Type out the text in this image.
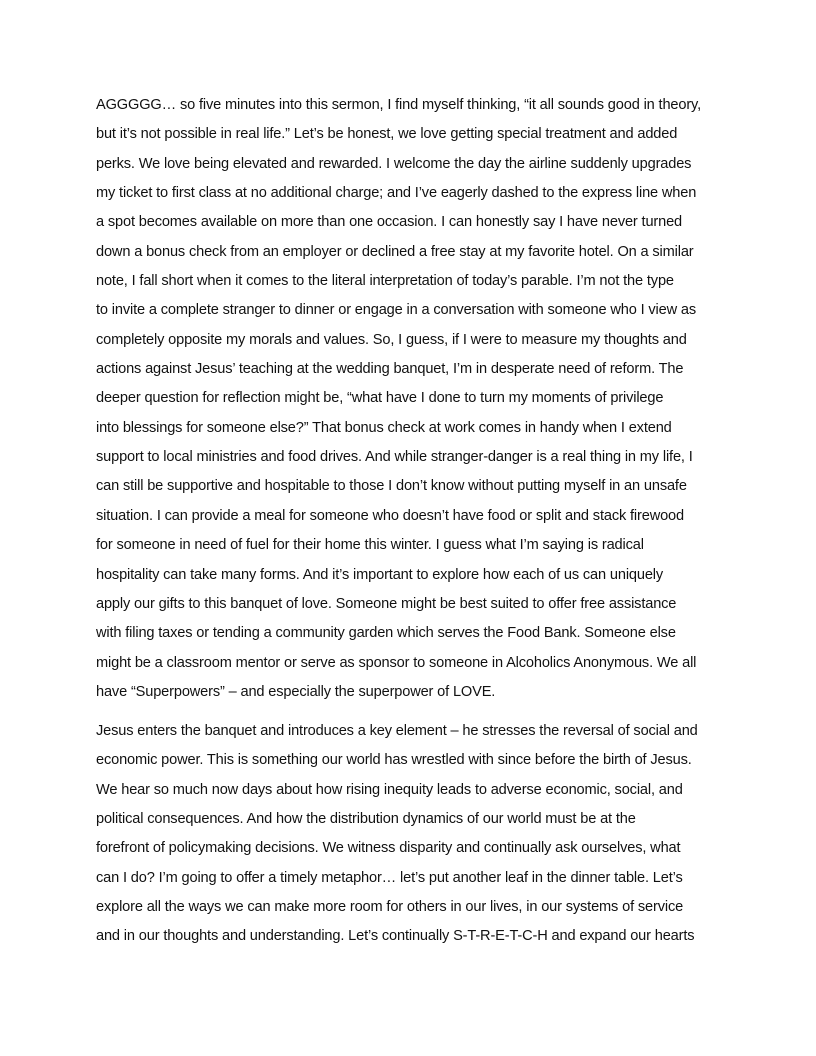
AGGGGG… so five minutes into this sermon, I find myself thinking, “it all sounds good in theory,
but it’s not possible in real life.” Let’s be honest, we love getting special treatment and added
perks. We love being elevated and rewarded. I welcome the day the airline suddenly upgrades
my ticket to first class at no additional charge; and I’ve eagerly dashed to the express line when
a spot becomes available on more than one occasion. I can honestly say I have never turned
down a bonus check from an employer or declined a free stay at my favorite hotel. On a similar
note, I fall short when it comes to the literal interpretation of today’s parable. I’m not the type
to invite a complete stranger to dinner or engage in a conversation with someone who I view as
completely opposite my morals and values. So, I guess, if I were to measure my thoughts and
actions against Jesus’ teaching at the wedding banquet, I’m in desperate need of reform. The
deeper question for reflection might be, “what have I done to turn my moments of privilege
into blessings for someone else?” That bonus check at work comes in handy when I extend
support to local ministries and food drives. And while stranger-danger is a real thing in my life, I
can still be supportive and hospitable to those I don’t know without putting myself in an unsafe
situation. I can provide a meal for someone who doesn’t have food or split and stack firewood
for someone in need of fuel for their home this winter. I guess what I’m saying is radical
hospitality can take many forms. And it’s important to explore how each of us can uniquely
apply our gifts to this banquet of love. Someone might be best suited to offer free assistance
with filing taxes or tending a community garden which serves the Food Bank. Someone else
might be a classroom mentor or serve as sponsor to someone in Alcoholics Anonymous. We all
have “Superpowers” – and especially the superpower of LOVE.

Jesus enters the banquet and introduces a key element – he stresses the reversal of social and
economic power. This is something our world has wrestled with since before the birth of Jesus.
We hear so much now days about how rising inequity leads to adverse economic, social, and
political consequences. And how the distribution dynamics of our world must be at the
forefront of policymaking decisions. We witness disparity and continually ask ourselves, what
can I do? I’m going to offer a timely metaphor… let’s put another leaf in the dinner table. Let’s
explore all the ways we can make more room for others in our lives, in our systems of service
and in our thoughts and understanding. Let’s continually S-T-R-E-T-C-H and expand our hearts
